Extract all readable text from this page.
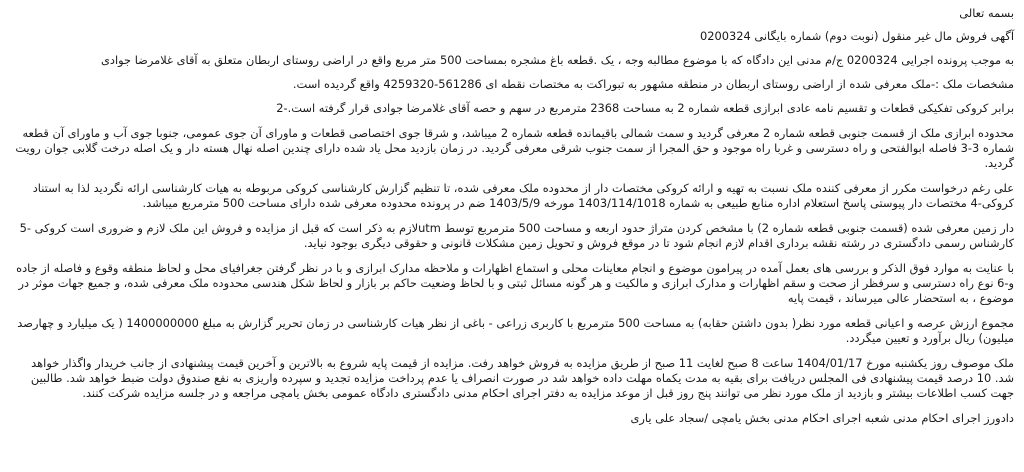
بسمه تعالی

آگهی فروش مال غیر منقول (نوبت دوم) شماره بایگانی 0200324

به موجب پرونده اجرایی 0200324 ج/م مدنی این دادگاه که با موضوع مطالبه وجه ، یک .قطعه باغ مشجره بمساحت 500 متر مربع واقع در اراضی روستای اربطان متعلق به آقای غلامرضا جوادی

مشخصات ملک :-ملک معرفی شده از اراضی روستای اربطان در منطقه مشهور به تبوراکت به مختصات نقطه ای 561286-4259320 واقع گردیده است.

برابر کروکی تفکیکی قطعات و تقسیم نامه عادی ابرازی قطعه شماره 2 به مساحت 2368 مترمربع در سهم و حصه آقای غلامرضا جوادی قرار گرفته است.-2

محدوده ابرازی ملک از قسمت جنوبی قطعه شماره 2 معرفی گردید و سمت شمالی باقیمانده قطعه شماره 2 میباشد، و شرقا جوی اختصاصی قطعات و ماورای آن جوی عمومی، جنوبا جوی آب و ماورای آن قطعه شماره 3-3 فاصله ابوالفتحی و راه دسترسی و غربا راه موجود و حق المجرا از سمت جنوب شرقی معرفی گردید. در زمان بازدید محل یاد شده دارای چندین اصله نهال هسته دار و یک اصله درخت گلابی جوان رویت گردید.

علی رغم درخواست مکرر از معرفی کننده ملک نسبت به تهیه و ارائه کروکی مختصات دار از محدوده ملک معرفی شده، تا تنظیم گزارش کارشناسی کروکی مربوطه به هیات کارشناسی ارائه نگردید لذا به استناد کروکی-4 مختصات دار پیوستی پاسخ استعلام اداره منابع طبیعی به شماره 1403/114/1018 مورخه 1403/5/9 ضم در پرونده محدوده معرفی شده دارای مساحت 500 مترمربع میباشد.

دار زمین معرفی شده (قسمت جنوبی قطعه شماره 2) با مشخص کردن متراژ حدود اربعه و مساحت 500 مترمربع توسط utmلازم به ذکر است که قبل از مزایده و فروش این ملک لازم و ضروری است کروکی -5 کارشناس رسمی دادگستری در رشته نقشه برداری اقدام لازم انجام شود تا در موقع فروش و تحویل زمین مشکلات قانونی و حقوقی دیگری بوجود نیاید.

با عنایت به موارد فوق الذکر و بررسی های بعمل آمده در پیرامون موضوع و انجام معاینات محلی و استماع اظهارات و ملاحظه مدارک ابرازی و با در نظر گرفتن جغرافیای محل و لحاظ منطقه وقوع و فاصله از جاده و-6 نوع راه دسترسی و سرفظر از صحت و سقم اظهارات و مدارک ابرازی و مالکیت و هر گونه مسائل ثبتی و با لحاظ وضعیت حاکم بر بازار و لحاظ شکل هندسی محدوده ملک معرفی شده، و جمیع جهات موثر در موضوع ، به استحضار عالی میرساند ، قیمت پایه

مجموع ارزش عرصه و اعیانی قطعه مورد نظر( بدون داشتن حقابه) به مساحت 500 مترمربع با کاربری زراعی - باغی از نظر هیات کارشناسی در زمان تحریر گزارش به مبلغ 1400000000 ( یک میلیارد و چهارصد میلیون) ریال برآورد و تعیین میگردد.

ملک موصوف روز یکشنبه مورخ 1404/01/17 ساعت 8 صبح لغایت 11 صبح از طریق مزایده به فروش خواهد رفت. مزایده از قیمت پایه شروع به بالاترین و آخرین قیمت پیشنهادی از جانب خریدار واگذار خواهد شد. 10 درصد قیمت پیشنهادی فی المجلس دریافت برای بقیه به مدت یکماه مهلت داده خواهد شد در صورت انصراف یا عدم پرداخت مزایده تجدید و سپرده واریزی به نفع صندوق دولت ضبط خواهد شد. طالبین جهت کسب اطلاعات بیشتر و بازدید از ملک مورد نظر می توانند پنج روز قبل از موعد مزایده به دفتر اجرای احکام مدنی دادگستری دادگاه عمومی بخش یامچی مراجعه و در جلسه مزایده شرکت کنند.

دادورز اجرای احکام مدنی شعبه اجرای احکام مدنی بخش یامچی /سجاد علی یاری
